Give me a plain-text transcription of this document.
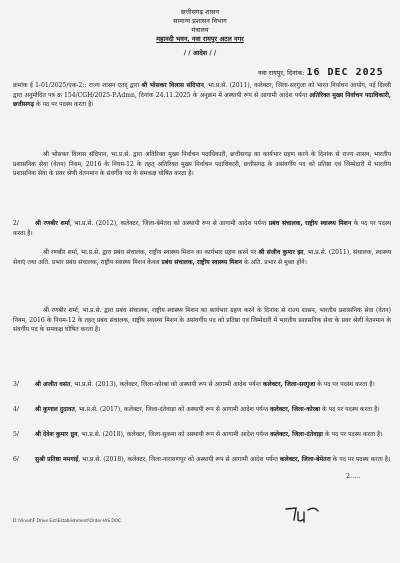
छत्तीसगढ़ शासन
सामान्य प्रशासन विभाग
मंत्रालय
महानदी भवन, नवा रायपुर अटल नगर
/ / आदेश / /
नवा रायपुर, दिनांक: 16 DEC 2025
क्रमांक ई 1-01/2025/एक-2:: राज्य शासन एतद् द्वारा श्री भोसकर विलास संदिपान, भा.प्र.से. (2011), कलेक्टर, जिला-सरगुजा को भारत निर्वाचन आयोग, नई दिल्ली द्वारा अनुमोदित पत्र क्र 154/CGH/2025-P.Admn, दिनांक 24.11.2025 के अनुक्रम में अस्थायी रूप से आगामी आदेश पर्यन्त अतिरिक्त मुख्य निर्वाचन पदाधिकारी, छत्तीसगढ़ के पद पर पदस्थ करता है।
श्री भोसकर विलास संदिपान, भा.प्र.से. द्वारा अतिरिक्त मुख्य निर्वाचन पदाधिकारी, छत्तीसगढ़ का कार्यभार ग्रहण करने के दिनांक से राज्य शासन, भारतीय प्रशासनिक सेवा (वेतन) नियम, 2016 के नियम-12 के तहत् अतिरिक्त मुख्य निर्वाचन पदाधिकारी, छत्तीसगढ़ के असंवर्गीय पद को प्रतिष्ठा एवं जिम्मेदारी में भारतीय प्रशासनिक सेवा के प्रवर श्रेणी वेतनमान के संवर्गीय पद के समकक्ष घोषित करता है।
2/	श्री रणबीर शर्मा, भा.प्र.से. (2012), कलेक्टर, जिला-बेमेतरा को अस्थायी रूप से आगामी आदेश पर्यन्त प्रबंध संचालक, राष्ट्रीय स्वास्थ्य मिशन के पद पर पदस्थ करता है।
श्री रणबीर शर्मा, भा.प्र.से. द्वारा प्रबंध संचालक, राष्ट्रीय स्वास्थ्य मिशन का कार्यभार ग्रहण करने पर श्री संजीव कुमार झा, भा.प्र.से. (2011), संचालक, स्वास्थ्य सेवाएं तथा अति. प्रभार प्रबंध संचालक, राष्ट्रीय स्वास्थ्य मिशन केवल प्रबंध संचालक, राष्ट्रीय स्वास्थ्य मिशन के अति. प्रभार से मुक्त होंगे।
श्री रणबीर शर्मा, भा.प्र.से. द्वारा प्रबंध संचालक, राष्ट्रीय स्वास्थ्य मिशन का कार्यभार ग्रहण करने के दिनांक से राज्य शासन, भारतीय प्रशासनिक सेवा (वेतन) नियम, 2016 के नियम-12 के तहत् प्रबंध संचालक, राष्ट्रीय स्वास्थ्य मिशन के असंवर्गीय पद को प्रतिष्ठा एवं जिम्मेदारी में भारतीय प्रशासनिक सेवा के प्रवर श्रेणी वेतनमान के संवर्गीय पद के समकक्ष घोषित करता है।
3/	श्री अजीत वसंत, भा.प्र.से. (2013), कलेक्टर, जिला-कोरबा को अस्थायी रूप से आगामी आदेश पर्यन्त कलेक्टर, जिला-सरगुजा के पद पर पदस्थ करता है।
4/	श्री कुणाल दुदावत, भा.प्र.से. (2017), कलेक्टर, जिला-दंतेवाड़ा को अस्थायी रूप से आगामी आदेश पर्यन्त कलेक्टर, जिला-कोरबा के पद पर पदस्थ करता है।
5/	श्री देवेश कुमार ध्रुव, भा.प्र.से. (2018), कलेक्टर, जिला-सुकमा को अस्थायी रूप से आगामी आदेश पर्यन्त कलेक्टर, जिला-दंतेवाड़ा के पद पर पदस्थ करता है।
6/	सुश्री प्रतिष्ठा ममगाईं, भा.प्र.से. (2018), कलेक्टर, जिला-नारायणपुर को अस्थायी रूप से आगामी आदेश पर्यन्त कलेक्टर, जिला-बेमेतरा के पद पर पदस्थ करता है।
2.....
D:\Vinod\F Drive Est\Establishment\Order-IAS.DOC
